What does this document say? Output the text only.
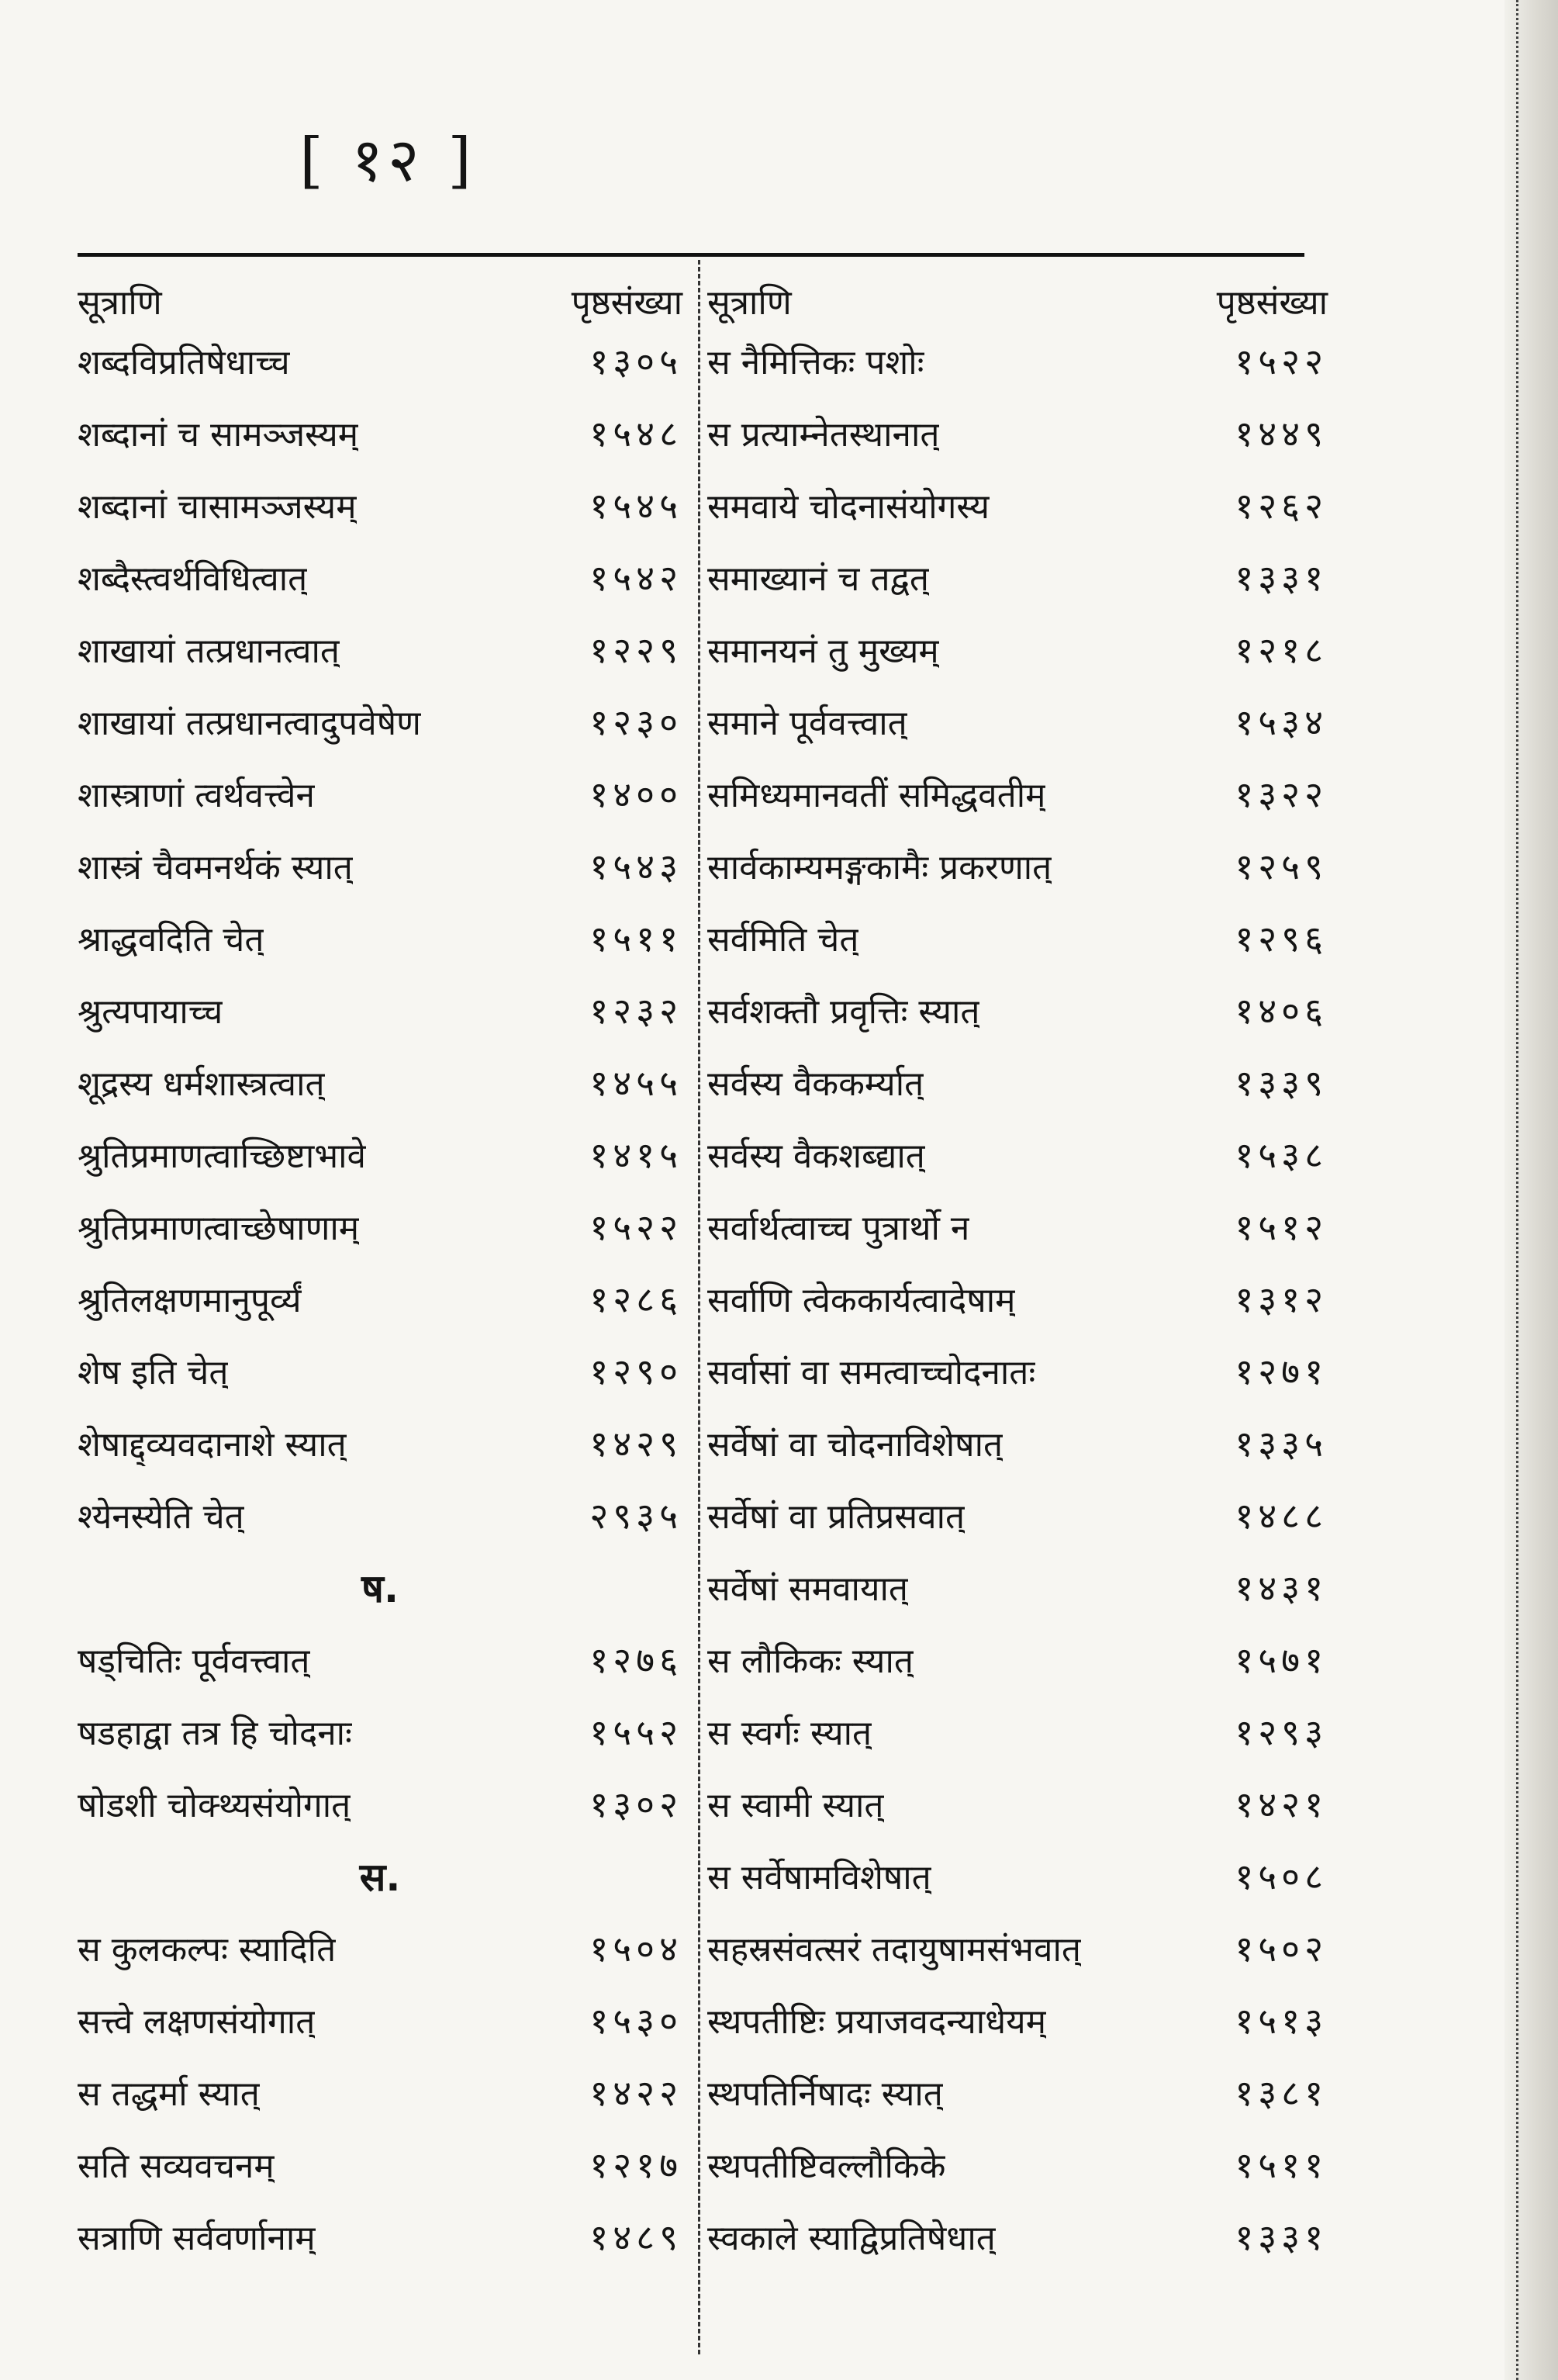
[ १२ ]
सूत्राणि	पृष्ठसंख्या
शब्दविप्रतिषेधाच्च	१३०५
शब्दानां च सामञ्जस्यम्	१५४८
शब्दानां चासामञ्जस्यम्	१५४५
शब्दैस्त्वर्थविधित्वात्	१५४२
शाखायां तत्प्रधानत्वात्	१२२९
शाखायां तत्प्रधानत्वादुपवेषेण	१२३०
शास्त्राणां त्वर्थवत्त्वेन	१४००
शास्त्रं चैवमनर्थकं स्यात्	१५४३
श्राद्धवदिति चेत्	१५११
श्रुत्यपायाच्च	१२३२
शूद्रस्य धर्मशास्त्रत्वात्	१४५५
श्रुतिप्रमाणत्वाच्छिष्टाभावे	१४१५
श्रुतिप्रमाणत्वाच्छेषाणाम्	१५२२
श्रुतिलक्षणमानुपूर्व्यं	१२८६
शेष इति चेत्	१२९०
शेषाद्द्व्यवदानाशे स्यात्	१४२९
श्येनस्येति चेत्	२९३५
ष.
षड्चितिः पूर्ववत्त्वात्	१२७६
षडहाद्वा तत्र हि चोदनाः	१५५२
षोडशी चोक्थ्यसंयोगात्	१३०२
स.
स कुलकल्पः स्यादिति	१५०४
सत्त्वे लक्षणसंयोगात्	१५३०
स तद्धर्मा स्यात्	१४२२
सति सव्यवचनम्	१२१७
सत्राणि सर्ववर्णानाम्	१४८९
सूत्राणि	पृष्ठसंख्या
स नैमित्तिकः पशोः	१५२२
स प्रत्याम्नेतस्थानात्	१४४९
समवाये चोदनासंयोगस्य	१२६२
समाख्यानं च तद्वत्	१३३१
समानयनं तु मुख्यम्	१२१८
समाने पूर्ववत्त्वात्	१५३४
समिध्यमानवतीं समिद्धवतीम्	१३२२
सार्वकाम्यमङ्गकामैः प्रकरणात्	१२५९
सर्वमिति चेत्	१२९६
सर्वशक्तौ प्रवृत्तिः स्यात्	१४०६
सर्वस्य वैककर्म्यात्	१३३९
सर्वस्य वैकशब्द्यात्	१५३८
सर्वार्थत्वाच्च पुत्रार्थो न	१५१२
सर्वाणि त्वेककार्यत्वादेषाम्	१३१२
सर्वासां वा समत्वाच्चोदनातः	१२७१
सर्वेषां वा चोदनाविशेषात्	१३३५
सर्वेषां वा प्रतिप्रसवात्	१४८८
सर्वेषां समवायात्	१४३१
स लौकिकः स्यात्	१५७१
स स्वर्गः स्यात्	१२९३
स स्वामी स्यात्	१४२१
स सर्वेषामविशेषात्	१५०८
सहस्रसंवत्सरं तदायुषामसंभवात्	१५०२
स्थपतीष्टिः प्रयाजवदन्याधेयम्	१५१३
स्थपतिर्निषादः स्यात्	१३८१
स्थपतीष्टिवल्लौकिके	१५११
स्वकाले स्याद्विप्रतिषेधात्	१३३१
